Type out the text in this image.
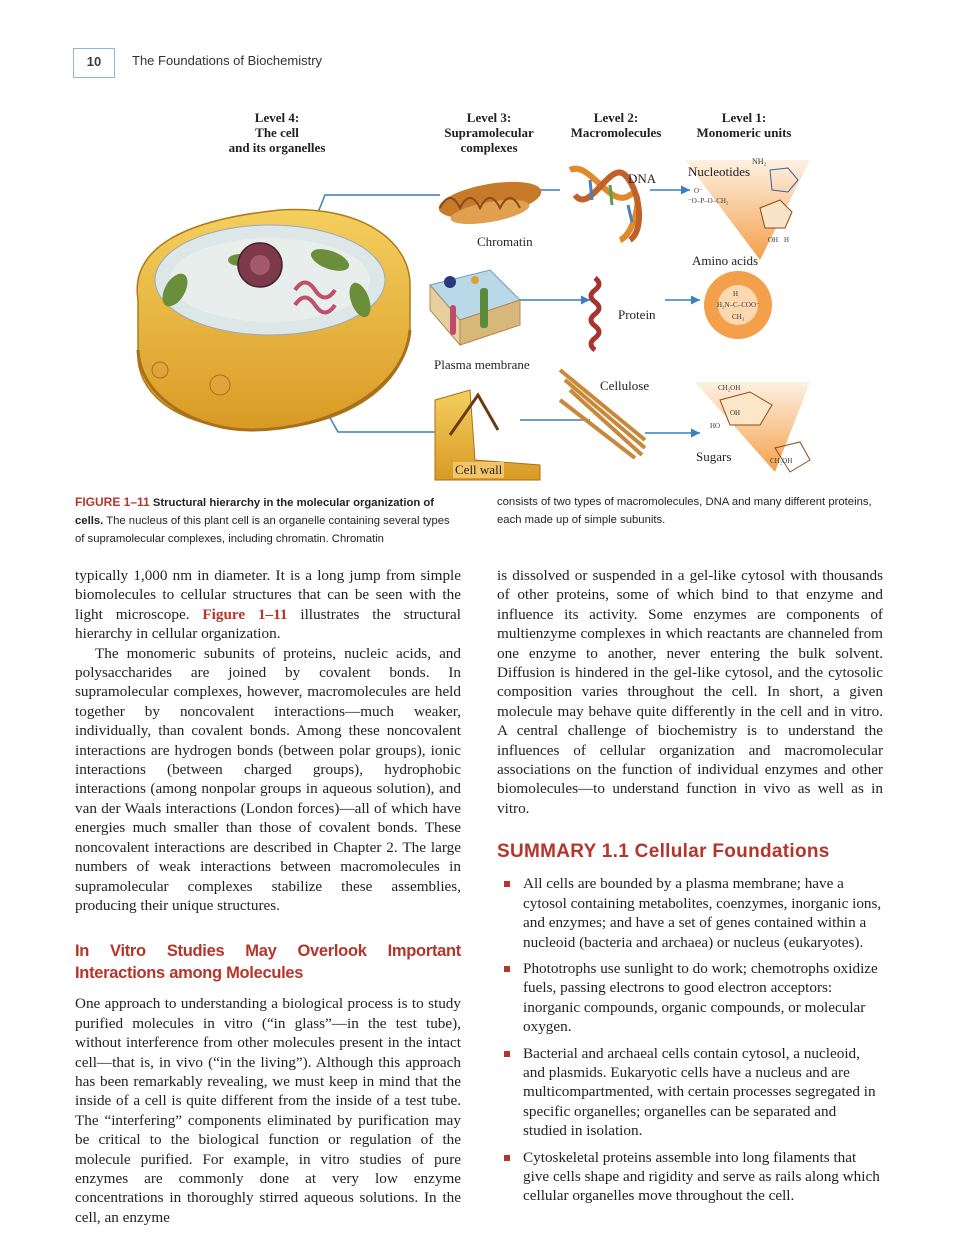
10	The Foundations of Biochemistry
Level 4:
The cell
and its organelles
Level 3:
Supramolecular
complexes
Level 2:
Macromolecules
Level 1:
Monomeric units
NH₂
O⁻
⁻O–P–O–CH₂
OH H
H₃N–C–COO⁻
H
CH₃
CH₂OH
OH
HO
CH₂OH
Chromatin
Plasma membrane
Cell wall
DNA
Protein
Cellulose
Nucleotides
Amino acids
Sugars
FIGURE 1–11 Structural hierarchy in the molecular organization of cells. The nucleus of this plant cell is an organelle containing several types of supramolecular complexes, including chromatin. Chromatin
consists of two types of macromolecules, DNA and many different proteins, each made up of simple subunits.

typically 1,000 nm in diameter. It is a long jump from simple biomolecules to cellular structures that can be seen with the light microscope. Figure 1–11 illustrates the structural hierarchy in cellular organization.

The monomeric subunits of proteins, nucleic acids, and polysaccharides are joined by covalent bonds. In supramolecular complexes, however, macromolecules are held together by noncovalent interactions—much weaker, individually, than covalent bonds. Among these noncovalent interactions are hydrogen bonds (between polar groups), ionic interactions (between charged groups), hydrophobic interactions (among nonpolar groups in aqueous solution), and van der Waals interactions (London forces)—all of which have energies much smaller than those of covalent bonds. These noncovalent interactions are described in Chapter 2. The large numbers of weak interactions between macromolecules in supramolecular complexes stabilize these assemblies, producing their unique structures.

In Vitro Studies May Overlook Important Interactions among Molecules

One approach to understanding a biological process is to study purified molecules in vitro (“in glass”—in the test tube), without interference from other molecules present in the intact cell—that is, in vivo (“in the living”). Although this approach has been remarkably revealing, we must keep in mind that the inside of a cell is quite different from the inside of a test tube. The “interfering” components eliminated by purification may be critical to the biological function or regulation of the molecule purified. For example, in vitro studies of pure enzymes are commonly done at very low enzyme concentrations in thoroughly stirred aqueous solutions. In the cell, an enzyme

is dissolved or suspended in a gel-like cytosol with thousands of other proteins, some of which bind to that enzyme and influence its activity. Some enzymes are components of multienzyme complexes in which reactants are channeled from one enzyme to another, never entering the bulk solvent. Diffusion is hindered in the gel-like cytosol, and the cytosolic composition varies throughout the cell. In short, a given molecule may behave quite differently in the cell and in vitro. A central challenge of biochemistry is to understand the influences of cellular organization and macromolecular associations on the function of individual enzymes and other biomolecules—to understand function in vivo as well as in vitro.

SUMMARY 1.1 Cellular Foundations
All cells are bounded by a plasma membrane; have a cytosol containing metabolites, coenzymes, inorganic ions, and enzymes; and have a set of genes contained within a nucleoid (bacteria and archaea) or nucleus (eukaryotes).
Phototrophs use sunlight to do work; chemotrophs oxidize fuels, passing electrons to good electron acceptors: inorganic compounds, organic compounds, or molecular oxygen.
Bacterial and archaeal cells contain cytosol, a nucleoid, and plasmids. Eukaryotic cells have a nucleus and are multicompartmented, with certain processes segregated in specific organelles; organelles can be separated and studied in isolation.
Cytoskeletal proteins assemble into long filaments that give cells shape and rigidity and serve as rails along which cellular organelles move throughout the cell.
